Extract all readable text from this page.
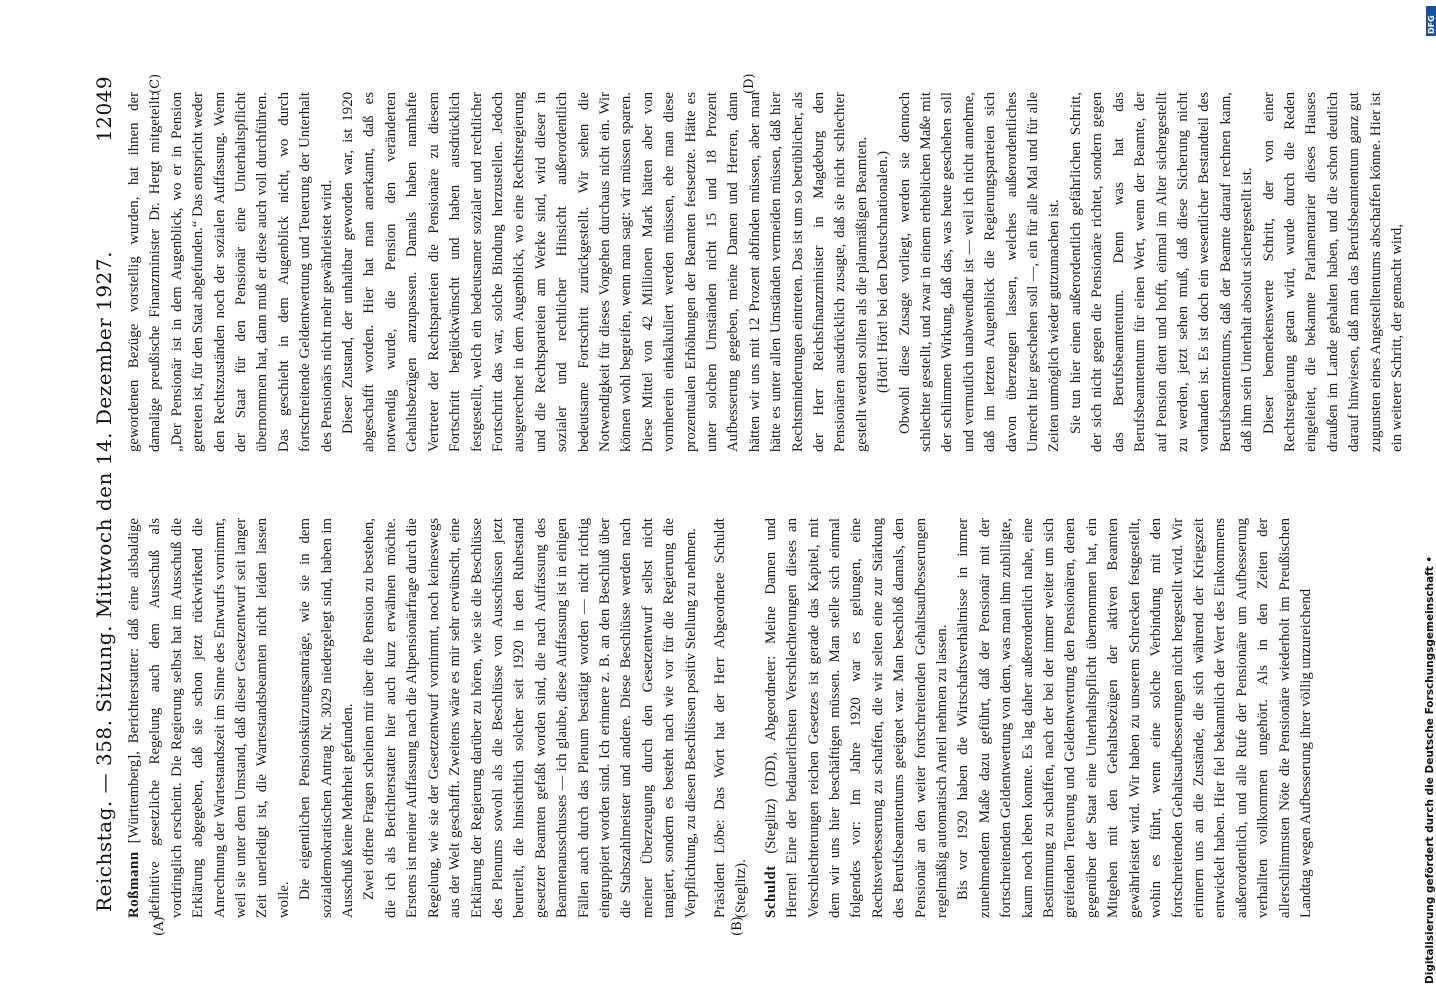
Reichstag. — 358. Sitzung. Mittwoch den 14. Dezember 1927.
12049
(A)	(B)
(C)	(D)

Roßmann [Württemberg], Berichterstatter: daß eine alsbaldige definitive gesetzliche Regelung auch dem Ausschuß als vordringlich erscheint. Die Regierung selbst hat im Ausschuß die Erklärung abgegeben, daß sie schon jetzt rückwirkend die Anrechnung der Wartestandszeit im Sinne des Entwurfs vornimmt, weil sie unter dem Umstand, daß dieser Gesetzentwurf seit langer Zeit unerledigt ist, die Wartestandsbeamten nicht leiden lassen wolle. Die eigentlichen Pensionskürzungsanträge, wie sie in dem sozialdemokratischen Antrag Nr. 3029 niedergelegt sind, haben im Ausschuß keine Mehrheit gefunden. Zwei offene Fragen scheinen mir über die Pension zu bestehen, die ich als Berichterstatter hier auch kurz erwähnen möchte. Erstens ist meiner Auffassung nach die Altpensionärfrage durch die Regelung, wie sie der Gesetzentwurf vornimmt, noch keineswegs aus der Welt geschafft. Zweitens wäre es mir sehr erwünscht, eine Erklärung der Regierung darüber zu hören, wie sie die Beschlüsse des Plenums sowohl als die Beschlüsse von Ausschüssen jetzt beurteilt, die hinsichtlich solcher seit 1920 in den Ruhestand gesetzter Beamten gefaßt worden sind, die nach Auffassung des Beamtenausschusses — ich glaube, diese Auffassung ist in einigen Fällen auch durch das Plenum bestätigt worden — nicht richtig eingruppiert worden sind. Ich erinnere z. B. an den Beschluß über die Stabszahlmeister und andere. Diese Beschlüsse werden nach meiner Überzeugung durch den Gesetzentwurf selbst nicht tangiert, sondern es besteht nach wie vor für die Regierung die Verpflichtung, zu diesen Beschlüssen positiv Stellung zu nehmen. Präsident Löbe: Das Wort hat der Herr Abgeordnete Schuldt (Steglitz). Schuldt (Steglitz) (DD), Abgeordneter: Meine Damen und Herren! Eine der bedauerlichsten Verschlechterungen dieses an Verschlechterungen reichen Gesetzes ist gerade das Kapitel, mit dem wir uns hier beschäftigen müssen. Man stelle sich einmal folgendes vor: Im Jahre 1920 war es gelungen, eine Rechtsverbesserung zu schaffen, die wir selten eine zur Stärkung des Berufsbeamtentums geeignet war. Man beschloß damals, den Pensionär an den weiter fortschreitenden Gehaltsaufbesserungen regelmäßig automatisch Anteil nehmen zu lassen. Bis vor 1920 haben die Wirtschaftsverhältnisse in immer zunehmendem Maße dazu geführt, daß der Pensionär mit der fortschreitenden Geldentwertung von dem, was man ihm zubilligte, kaum noch leben konnte. Es lag daher außerordentlich nahe, eine Bestimmung zu schaffen, nach der bei der immer weiter um sich greifenden Teuerung und Geldentwertung den Pensionären, denen gegenüber der Staat eine Unterhaltspflicht übernommen hat, ein Mitgehen mit den Gehaltsbezügen der aktiven Beamten gewährleistet wird. Wir haben zu unserem Schrecken festgestellt, wohin es führt, wenn eine solche Verbindung mit den fortschreitenden Gehaltsaufbesserungen nicht hergestellt wird. Wir erinnern uns an die Zustände, die sich während der Kriegszeit entwickelt haben. Hier fiel bekanntlich der Wert des Einkommens außerordentlich, und alle Rufe der Pensionäre um Aufbesserung verhallten vollkommen ungehört. Als in den Zeiten der allerschlimmsten Nöte die Pensionäre wiederholt im Preußischen Landtag wegen Aufbesserung ihrer völlig unzureichend

gewordenen Bezüge vorstellig wurden, hat ihnen der damalige preußische Finanzminister Dr. Hergt mitgeteilt: „Der Pensionär ist in dem Augenblick, wo er in Pension getreten ist, für den Staat abgefunden.“ Das entspricht weder den Rechtszuständen noch der sozialen Auffassung. Wenn der Staat für den Pensionär eine Unterhaltspflicht übernommen hat, dann muß er diese auch voll durchführen. Das geschieht in dem Augenblick nicht, wo durch fortschreitende Geldentwertung und Teuerung der Unterhalt des Pensionärs nicht mehr gewährleistet wird. Dieser Zustand, der unhaltbar geworden war, ist 1920 abgeschafft worden. Hier hat man anerkannt, daß es notwendig wurde, die Pension den veränderten Gehaltsbezügen anzupassen. Damals haben namhafte Vertreter der Rechtsparteien die Pensionäre zu diesem Fortschritt beglückwünscht und haben ausdrücklich festgestellt, welch ein bedeutsamer sozialer und rechtlicher Fortschritt das war, solche Bindung herzustellen. Jedoch ausgerechnet in dem Augenblick, wo eine Rechtsregierung und die Rechtsparteien am Werke sind, wird dieser in sozialer und rechtlicher Hinsicht außerordentlich bedeutsame Fortschritt zurückgestellt. Wir sehen die Notwendigkeit für dieses Vorgehen durchaus nicht ein. Wir können wohl begreifen, wenn man sagt: wir müssen sparen. Diese Mittel von 42 Millionen Mark hätten aber von vornherein einkalkuliert werden müssen, ehe man diese prozentualen Erhöhungen der Beamten festsetzte. Hätte es unter solchen Umständen nicht 15 und 18 Prozent Aufbesserung gegeben, meine Damen und Herren, dann hätten wir uns mit 12 Prozent abfinden müssen, aber man hätte es unter allen Umständen vermeiden müssen, daß hier Rechtsminderungen eintreten. Das ist um so betrüblicher, als der Herr Reichsfinanzminister in Magdeburg den Pensionären ausdrücklich zusagte, daß sie nicht schlechter gestellt werden sollten als die planmäßigen Beamten. (Hört! Hört! bei den Deutschnationalen.) Obwohl diese Zusage vorliegt, werden sie dennoch schlechter gestellt, und zwar in einem erheblichen Maße mit der schlimmen Wirkung, daß das, was heute geschehen soll und vermutlich unabwendbar ist — weil ich nicht annehme, daß im letzten Augenblick die Regierungsparteien sich davon überzeugen lassen, welches außerordentliches Unrecht hier geschehen soll —, ein für alle Mal und für alle Zeiten unmöglich wieder gutzumachen ist. Sie tun hier einen außerordentlich gefährlichen Schritt, der sich nicht gegen die Pensionäre richtet, sondern gegen das Berufsbeamtentum. Denn was hat das Berufsbeamtentum für einen Wert, wenn der Beamte, der auf Pension dient und hofft, einmal im Alter sichergestellt zu werden, jetzt sehen muß, daß diese Sicherung nicht vorhanden ist. Es ist doch ein wesentlicher Bestandteil des Berufsbeamtentums, daß der Beamte darauf rechnen kann, daß ihm sein Unterhalt absolut sichergestellt ist. Dieser bemerkenswerte Schritt, der von einer Rechtsregierung getan wird, wurde durch die Reden eingeleitet, die bekannte Parlamentarier dieses Hauses draußen im Lande gehalten haben, und die schon deutlich darauf hinwiesen, daß man das Berufsbeamtentum ganz gut zugunsten eines Angestelltentums abschaffen könne. Hier ist ein weiterer Schritt, der gemacht wird,

Digitalisierung gefördert durch die Deutsche Forschungsgemeinschaft •
DFG
